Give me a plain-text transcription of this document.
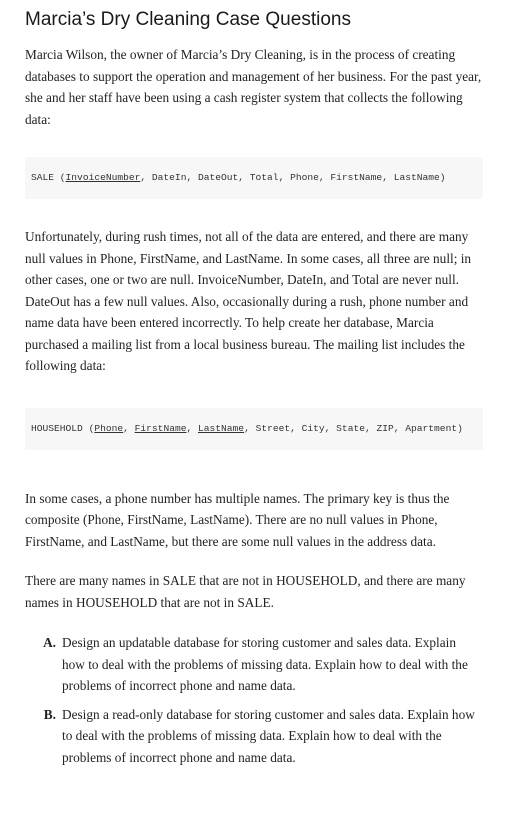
Marcia’s Dry Cleaning Case Questions

Marcia Wilson, the owner of Marcia’s Dry Cleaning, is in the process of creating databases to support the operation and management of her business. For the past year, she and her staff have been using a cash register system that collects the following data:

SALE (InvoiceNumber, DateIn, DateOut, Total, Phone, FirstName, LastName)

Unfortunately, during rush times, not all of the data are entered, and there are many null values in Phone, FirstName, and LastName. In some cases, all three are null; in other cases, one or two are null. InvoiceNumber, DateIn, and Total are never null. DateOut has a few null values. Also, occasionally during a rush, phone number and name data have been entered incorrectly. To help create her database, Marcia purchased a mailing list from a local business bureau. The mailing list includes the following data:

HOUSEHOLD (Phone, FirstName, LastName, Street, City, State, ZIP, Apartment)

In some cases, a phone number has multiple names. The primary key is thus the composite (Phone, FirstName, LastName). There are no null values in Phone, FirstName, and LastName, but there are some null values in the address data.

There are many names in SALE that are not in HOUSEHOLD, and there are many names in HOUSEHOLD that are not in SALE.

A. Design an updatable database for storing customer and sales data. Explain how to deal with the problems of missing data. Explain how to deal with the problems of incorrect phone and name data.
B. Design a read-only database for storing customer and sales data. Explain how to deal with the problems of missing data. Explain how to deal with the problems of incorrect phone and name data.
